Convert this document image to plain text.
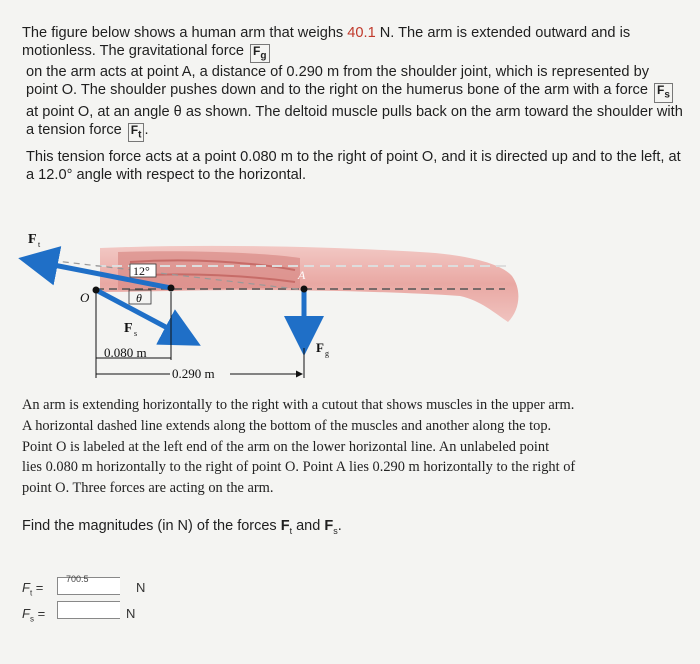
The figure below shows a human arm that weighs 40.1 N. The arm is extended outward and is motionless. The gravitational force $F_g$

on the arm acts at point A, a distance of 0.290 m from the shoulder joint, which is represented by point O. The shoulder pushes down and to the right on the humerus bone of the arm with a force $F_s$

at point O, at an angle θ as shown. The deltoid muscle pulls back on the arm toward the shoulder with a tension force $F_t$ .

This tension force acts at a point 0.080 m to the right of point O, and it is directed up and to the left, at a 12.0° angle with respect to the horizontal.

F t
12°
O	θ
F s
A
F g
0.080 m
0.290 m

An arm is extending horizontally to the right with a cutout that shows muscles in the upper arm.

A horizontal dashed line extends along the bottom of the muscles and another along the top.

Point O is labeled at the left end of the arm on the lower horizontal line. An unlabeled point

lies 0.080 m horizontally to the right of point O. Point A lies 0.290 m horizontally to the right of

point O. Three forces are acting on the arm.

Find the magnitudes (in N) of the forces $F_t$ and $F_s$.
$F_t$ =
700.5
N
$F_s$ =	N
